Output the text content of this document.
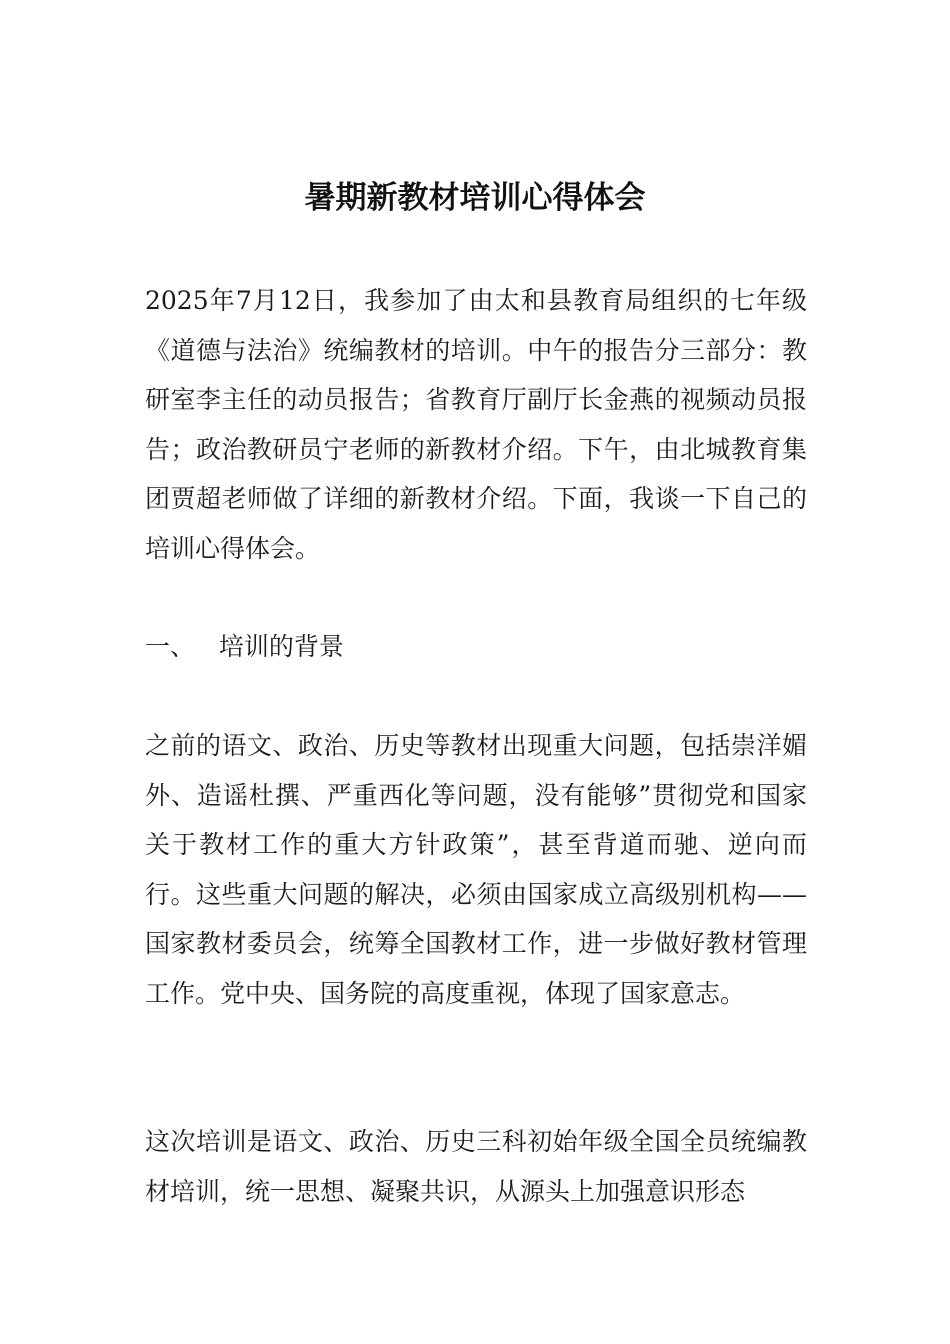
暑期新教材培训心得体会

2025年7月12日，我参加了由太和县教育局组织的七年级《道德与法治》统编教材的培训。中午的报告分三部分：教研室李主任的动员报告；省教育厅副厅长金燕的视频动员报告；政治教研员宁老师的新教材介绍。下午，由北城教育集团贾超老师做了详细的新教材介绍。下面，我谈一下自己的培训心得体会。

一、 培训的背景

之前的语文、政治、历史等教材出现重大问题，包括崇洋媚外、造谣杜撰、严重西化等问题，没有能够”贯彻党和国家关于教材工作的重大方针政策”，甚至背道而驰、逆向而行。这些重大问题的解决，必须由国家成立高级别机构——国家教材委员会，统筹全国教材工作，进一步做好教材管理工作。党中央、国务院的高度重视，体现了国家意志。

这次培训是语文、政治、历史三科初始年级全国全员统编教材培训，统一思想、凝聚共识，从源头上加强意识形态
